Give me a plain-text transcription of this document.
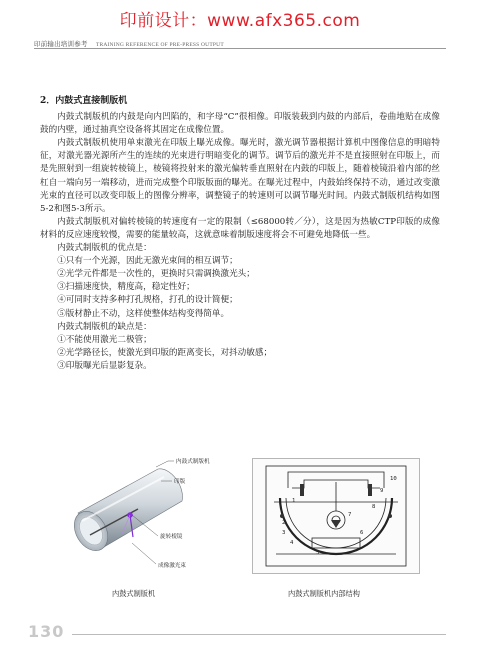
印前设计：www.afx365.com
印前输出培训参考 TRAINING REFERENCE OF PRE-PRESS OUTPUT
2．内鼓式直接制版机

内鼓式制版机的内鼓是向内凹陷的，和字母“C”很相像。印版装载到内鼓的内部后，卷曲地贴在成像鼓的内壁，通过抽真空设备将其固定在成像位置。

内鼓式制版机使用单束激光在印版上曝光成像。曝光时，激光调节器根据计算机中图像信息的明暗特征，对激光器光源所产生的连续的光束进行明暗变化的调节。调节后的激光并不是直接照射在印版上，而是先照射到一组旋转棱镜上，棱镜将投射来的激光偏转垂直照射在内鼓的印版上，随着棱镜沿着内部的丝杠自一端向另一端移动，进而完成整个印版版面的曝光。在曝光过程中，内鼓始终保持不动，通过改变激光束的直径可以改变印版上的图像分辨率，调整镜子的转速则可以调节曝光时间。内鼓式制版机结构如图5-2和图5-3所示。

内鼓式制版机对偏转棱镜的转速度有一定的限制（≤68000转／分），这是因为热敏CTP印版的成像材料的反应速度较慢，需要的能量较高，这就意味着制版速度将会不可避免地降低一些。

内鼓式制版机的优点是：

①只有一个光源，因此无激光束间的相互调节；

②光学元件都是一次性的，更换时只需调换激光头；

③扫描速度快，精度高，稳定性好；

④可同时支持多种打孔规格，打孔的设计简便；

⑤版材静止不动，这样使整体结构变得简单。

内鼓式制版机的缺点是：

①不能使用激光二极管；

②光学路径长，使激光到印版的距离变长，对抖动敏感；

③印版曝光后显影复杂。

内鼓式制版机
印版
旋转棱镜
成像激光束
1
2
3
4
5
6
7
8
9
10
内鼓式制版机	内鼓式制版机内部结构
130
